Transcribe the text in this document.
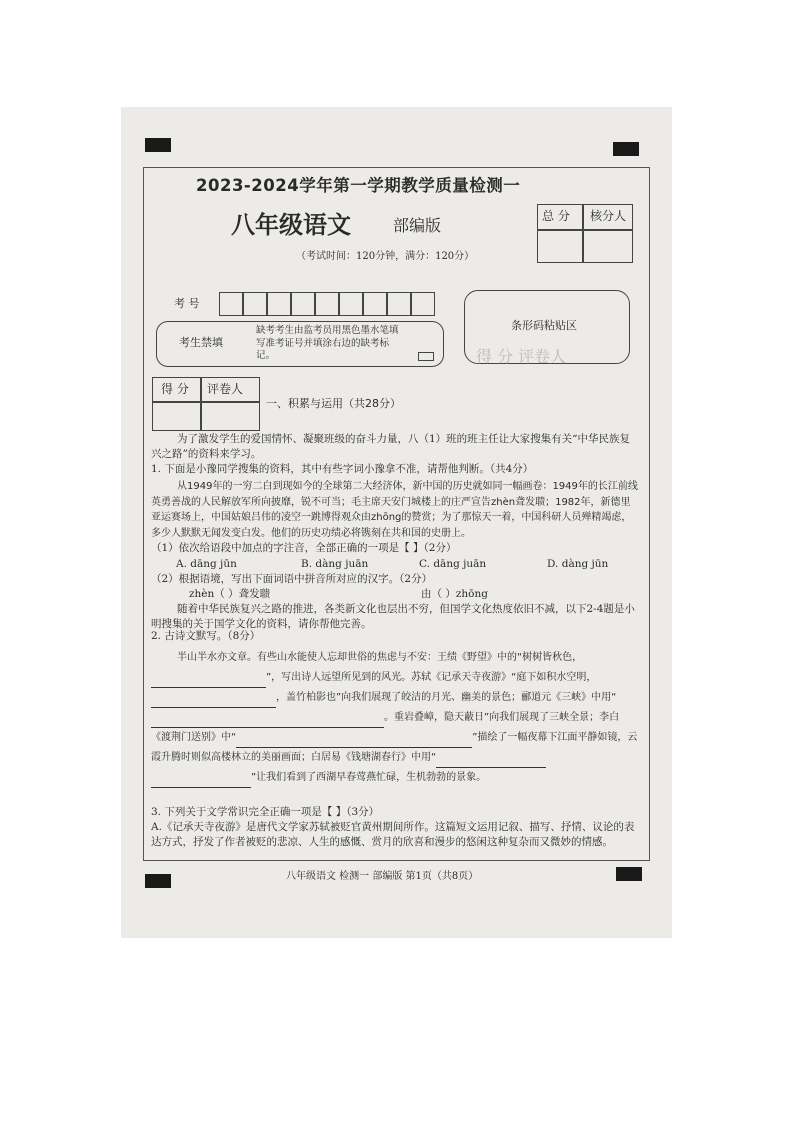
2023-2024学年第一学期教学质量检测一
八年级语文	部编版
（考试时间：120分钟，满分：120分）
总 分 核分人
考 号
考生禁填
缺考考生由监考员用黑色墨水笔填写准考证号并填涂右边的缺考标记。
条形码粘贴区
得 分 评卷人
得 分 评卷人
一、积累与运用（共28分）
为了激发学生的爱国情怀、凝聚班级的奋斗力量，八（1）班的班主任让大家搜集有关“中华民族复兴之路”的资料来学习。
1. 下面是小豫同学搜集的资料，其中有些字词小豫拿不准，请帮他判断。（共4分）
从1949年的一穷二白到现如今的全球第二大经济体，新中国的历史就如同一幅画卷：1949年的长江前线英勇善战的人民解放军所向披靡，锐不可当；毛主席天安门城楼上的庄严宣告zhèn聋发聩；1982年，新德里亚运赛场上，中国姑娘吕伟的凌空一跳博得观众由zhōng的赞赏；为了那惊天一着，中国科研人员殚精竭虑，多少人默默无闻发变白发。他们的历史功绩必将镌刻在共和国的史册上。
（1）依次给语段中加点的字注音，全部正确的一项是【 】（2分）
A. dāng jūn	B. dàng juān	C. dāng juān	D. dàng jūn
（2）根据语境，写出下面词语中拼音所对应的汉字。（2分）
zhèn（ ）聋发聩	由（ ）zhōng
随着中华民族复兴之路的推进，各类新文化也层出不穷，但国学文化热度依旧不减，以下2-4题是小明搜集的关于国学文化的资料，请你帮他完善。
2. 古诗文默写。（8分）
半山半水亦文章。有些山水能使人忘却世俗的焦虑与不安：王绩《野望》中的“树树皆秋色，”，写出诗人远望所见到的风光。苏轼《记承天寺夜游》“庭下如积水空明，，盖竹柏影也”向我们展现了皎洁的月光、幽美的景色；郦道元《三峡》中用“。重岩叠嶂，隐天蔽日”向我们展现了三峡全景；李白《渡荆门送别》中“	”描绘了一幅夜幕下江面平静如镜，云霞升腾时则似高楼林立的美丽画面；白居易《钱塘湖春行》中用“”让我们看到了西湖早春莺燕忙碌，生机勃勃的景象。
3. 下列关于文学常识完全正确一项是【 】（3分）
A.《记承天寺夜游》是唐代文学家苏轼被贬官黄州期间所作。这篇短文运用记叙、描写、抒情、议论的表达方式，抒发了作者被贬的悲凉、人生的感慨、赏月的欣喜和漫步的悠闲这种复杂而又微妙的情感。
八年级语文 检测一 部编版 第1页（共8页）
